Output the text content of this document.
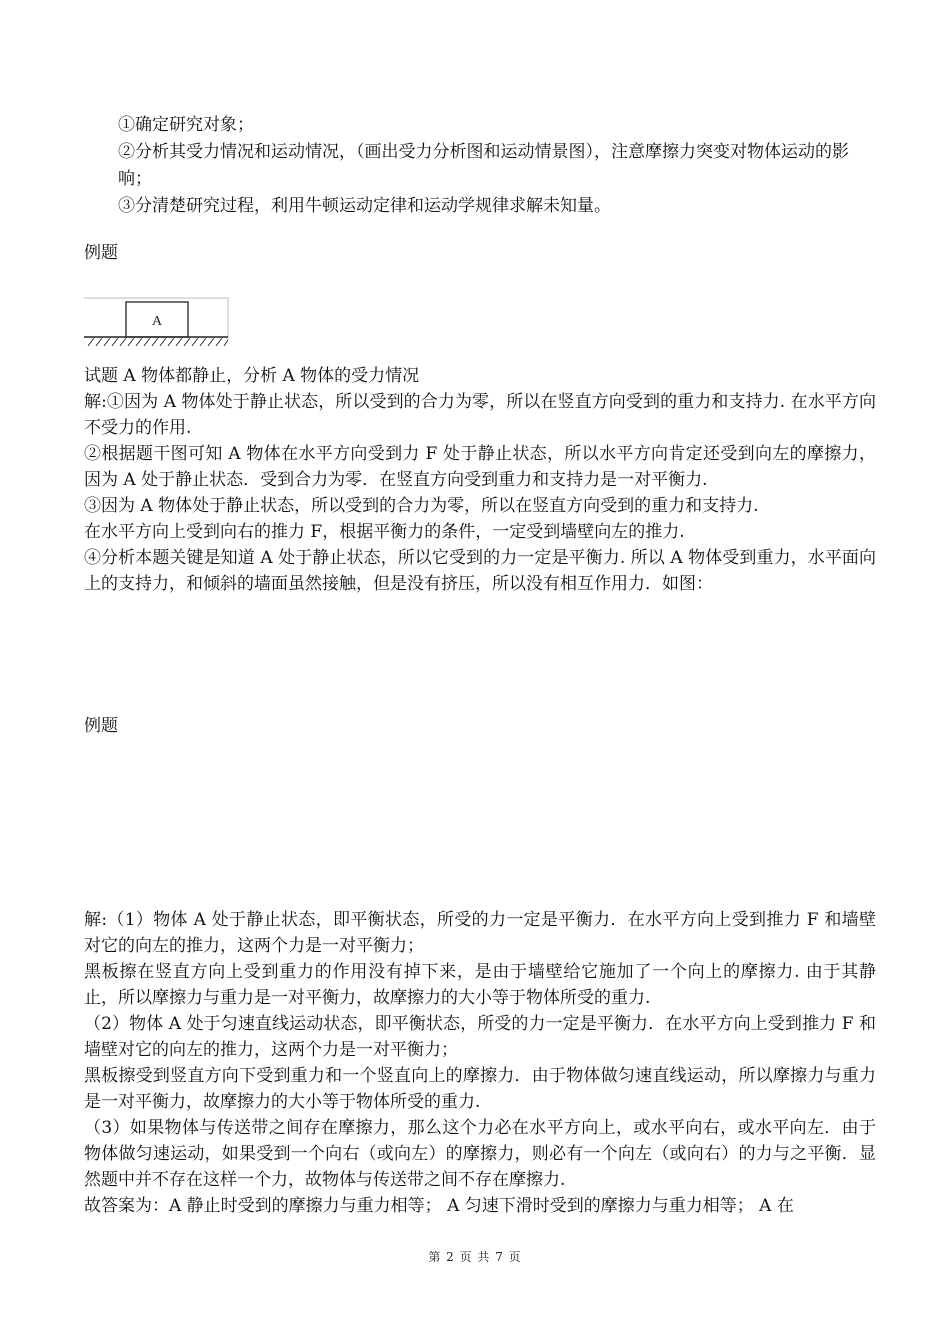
①确定研究对象；

②分析其受力情况和运动情况，（画出受力分析图和运动情景图），注意摩擦力突变对物体运动的影响；

③分清楚研究过程，利用牛顿运动定律和运动学规律求解未知量。

例题
A

试题 A 物体都静止，分析 A 物体的受力情况

解:①因为 A 物体处于静止状态，所以受到的合力为零，所以在竖直方向受到的重力和支持力. 在水平方向不受力的作用.

②根据题干图可知 A 物体在水平方向受到力 F 处于静止状态，所以水平方向肯定还受到向左的摩擦力，因为 A 处于静止状态．受到合力为零．在竖直方向受到重力和支持力是一对平衡力.

③因为 A 物体处于静止状态，所以受到的合力为零，所以在竖直方向受到的重力和支持力.

在水平方向上受到向右的推力 F，根据平衡力的条件，一定受到墙壁向左的推力.

④分析本题关键是知道 A 处于静止状态，所以它受到的力一定是平衡力. 所以 A 物体受到重力，水平面向上的支持力，和倾斜的墙面虽然接触，但是没有挤压，所以没有相互作用力．如图：

例题

解:（1）物体 A 处于静止状态，即平衡状态，所受的力一定是平衡力．在水平方向上受到推力 F 和墙壁对它的向左的推力，这两个力是一对平衡力；

黑板擦在竖直方向上受到重力的作用没有掉下来，是由于墙壁给它施加了一个向上的摩擦力. 由于其静止，所以摩擦力与重力是一对平衡力，故摩擦力的大小等于物体所受的重力.

（2）物体 A 处于匀速直线运动状态，即平衡状态，所受的力一定是平衡力．在水平方向上受到推力 F 和墙壁对它的向左的推力，这两个力是一对平衡力；

黑板擦受到竖直方向下受到重力和一个竖直向上的摩擦力．由于物体做匀速直线运动，所以摩擦力与重力是一对平衡力，故摩擦力的大小等于物体所受的重力.

（3）如果物体与传送带之间存在摩擦力，那么这个力必在水平方向上，或水平向右，或水平向左．由于物体做匀速运动，如果受到一个向右（或向左）的摩擦力，则必有一个向左（或向右）的力与之平衡．显然题中并不存在这样一个力，故物体与传送带之间不存在摩擦力.

故答案为：A 静止时受到的摩擦力与重力相等； A 匀速下滑时受到的摩擦力与重力相等； A 在

第 2 页 共 7 页
